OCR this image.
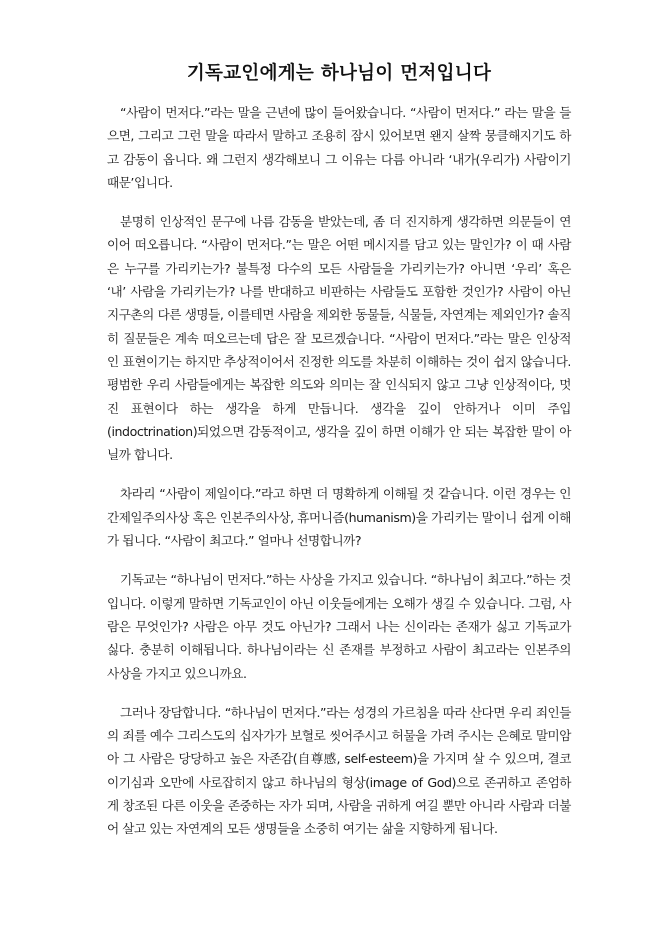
기독교인에게는 하나님이 먼저입니다

“사람이 먼저다.”라는 말을 근년에 많이 들어왔습니다. “사람이 먼저다.” 라는 말을 들으면, 그리고 그런 말을 따라서 말하고 조용히 잠시 있어보면 왠지 살짝 뭉클해지기도 하고 감동이 옵니다. 왜 그런지 생각해보니 그 이유는 다름 아니라 ‘내가(우리가) 사람이기 때문’입니다.

분명히 인상적인 문구에 나름 감동을 받았는데, 좀 더 진지하게 생각하면 의문들이 연이어 떠오릅니다. “사람이 먼저다.”는 말은 어떤 메시지를 담고 있는 말인가? 이 때 사람은 누구를 가리키는가? 불특정 다수의 모든 사람들을 가리키는가? 아니면 ‘우리’ 혹은 ‘내’ 사람을 가리키는가? 나를 반대하고 비판하는 사람들도 포함한 것인가? 사람이 아닌 지구촌의 다른 생명들, 이를테면 사람을 제외한 동물들, 식물들, 자연계는 제외인가? 솔직히 질문들은 계속 떠오르는데 답은 잘 모르겠습니다. “사람이 먼저다.”라는 말은 인상적인 표현이기는 하지만 추상적이어서 진정한 의도를 차분히 이해하는 것이 쉽지 않습니다. 평범한 우리 사람들에게는 복잡한 의도와 의미는 잘 인식되지 않고 그냥 인상적이다, 멋진 표현이다 하는 생각을 하게 만듭니다. 생각을 깊이 안하거나 이미 주입(indoctrination)되었으면 감동적이고, 생각을 깊이 하면 이해가 안 되는 복잡한 말이 아닐까 합니다.

차라리 “사람이 제일이다.”라고 하면 더 명확하게 이해될 것 같습니다. 이런 경우는 인간제일주의사상 혹은 인본주의사상, 휴머니즘(humanism)을 가리키는 말이니 쉽게 이해가 됩니다. “사람이 최고다.” 얼마나 선명합니까?

기독교는 “하나님이 먼저다.”하는 사상을 가지고 있습니다. “하나님이 최고다.”하는 것입니다. 이렇게 말하면 기독교인이 아닌 이웃들에게는 오해가 생길 수 있습니다. 그럼, 사람은 무엇인가? 사람은 아무 것도 아닌가? 그래서 나는 신이라는 존재가 싫고 기독교가 싫다. 충분히 이해됩니다. 하나님이라는 신 존재를 부정하고 사람이 최고라는 인본주의 사상을 가지고 있으니까요.

그러나 장담합니다. “하나님이 먼저다.”라는 성경의 가르침을 따라 산다면 우리 죄인들의 죄를 예수 그리스도의 십자가가 보혈로 씻어주시고 허물을 가려 주시는 은혜로 말미암아 그 사람은 당당하고 높은 자존감(自尊感, self-esteem)을 가지며 살 수 있으며, 결코 이기심과 오만에 사로잡히지 않고 하나님의 형상(image of God)으로 존귀하고 존엄하게 창조된 다른 이웃을 존중하는 자가 되며, 사람을 귀하게 여길 뿐만 아니라 사람과 더불어 살고 있는 자연계의 모든 생명들을 소중히 여기는 삶을 지향하게 됩니다.
